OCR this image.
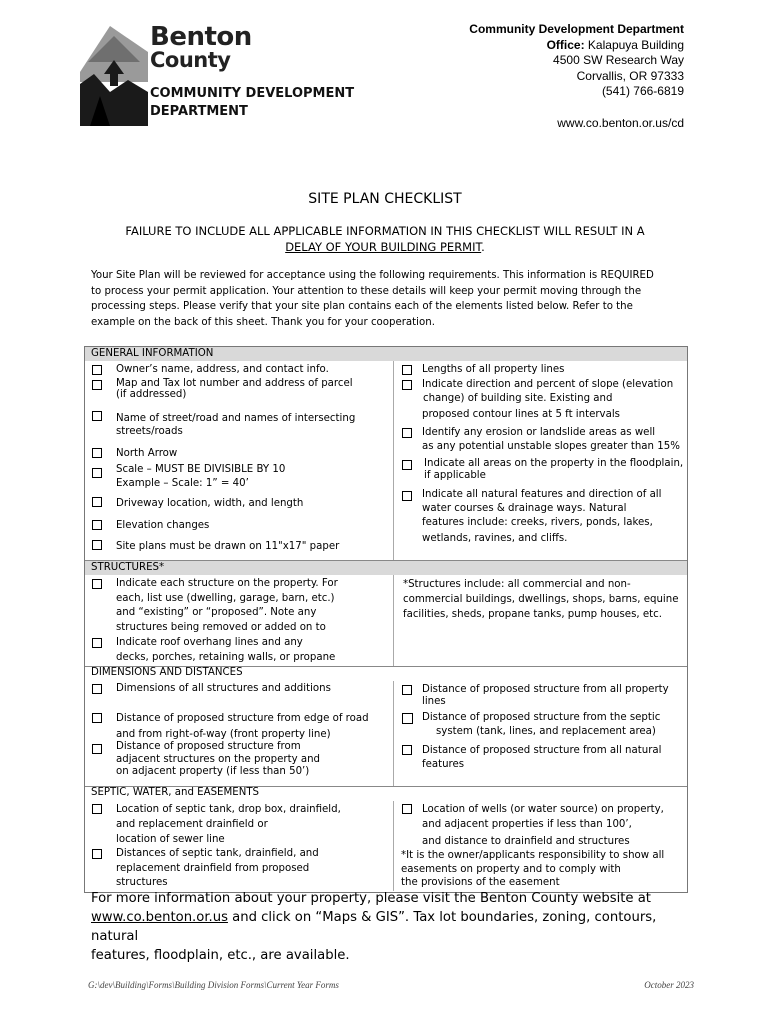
Benton
County
COMMUNITY DEVELOPMENT
DEPARTMENT
Community Development Department
Office: Kalapuya Building
4500 SW Research Way
Corvallis, OR 97333
(541) 766-6819
www.co.benton.or.us/cd
SITE PLAN CHECKLIST
FAILURE TO INCLUDE ALL APPLICABLE INFORMATION IN THIS CHECKLIST WILL RESULT IN A
DELAY OF YOUR BUILDING PERMIT.
Your Site Plan will be reviewed for acceptance using the following requirements. This information is REQUIRED
to process your permit application. Your attention to these details will keep your permit moving through the
processing steps. Please verify that your site plan contains each of the elements listed below. Refer to the
example on the back of this sheet. Thank you for your cooperation.
GENERAL INFORMATION
STRUCTURES*
DIMENSIONS AND DISTANCES
SEPTIC, WATER, and EASEMENTS
Owner’s name, address, and contact info.
Map and Tax lot number and address of parcel
(if addressed)
Name of street/road and names of intersecting
streets/roads
North Arrow
Scale – MUST BE DIVISIBLE BY 10
Example – Scale: 1” = 40’
Driveway location, width, and length
Elevation changes
Site plans must be drawn on 11"x17" paper
Lengths of all property lines
Indicate direction and percent of slope (elevation
change) of building site. Existing and
proposed contour lines at 5 ft intervals
Identify any erosion or landslide areas as well
as any potential unstable slopes greater than 15%
Indicate all areas on the property in the floodplain,
if applicable
Indicate all natural features and direction of all
water courses & drainage ways. Natural
features include: creeks, rivers, ponds, lakes,
wetlands, ravines, and cliffs.
Indicate each structure on the property. For
each, list use (dwelling, garage, barn, etc.)
and “existing” or “proposed”. Note any
structures being removed or added on to
Indicate roof overhang lines and any
decks, porches, retaining walls, or propane
*Structures include: all commercial and non-
commercial buildings, dwellings, shops, barns, equine
facilities, sheds, propane tanks, pump houses, etc.
Dimensions of all structures and additions
Distance of proposed structure from edge of road
and from right-of-way (front property line)
Distance of proposed structure from
adjacent structures on the property and
on adjacent property (if less than 50’)
Distance of proposed structure from all property
lines
Distance of proposed structure from the septic
system (tank, lines, and replacement area)
Distance of proposed structure from all natural
features
Location of septic tank, drop box, drainfield,
and replacement drainfield or
location of sewer line
Distances of septic tank, drainfield, and
replacement drainfield from proposed
structures
Location of wells (or water source) on property,
and adjacent properties if less than 100’,
and distance to drainfield and structures
*It is the owner/applicants responsibility to show all
easements on property and to comply with
the provisions of the easement
For more information about your property, please visit the Benton County website at
www.co.benton.or.us and click on “Maps & GIS”. Tax lot boundaries, zoning, contours, natural
features, floodplain, etc., are available.
G:\dev\Building\Forms\Building Division Forms\Current Year Forms	October 2023
